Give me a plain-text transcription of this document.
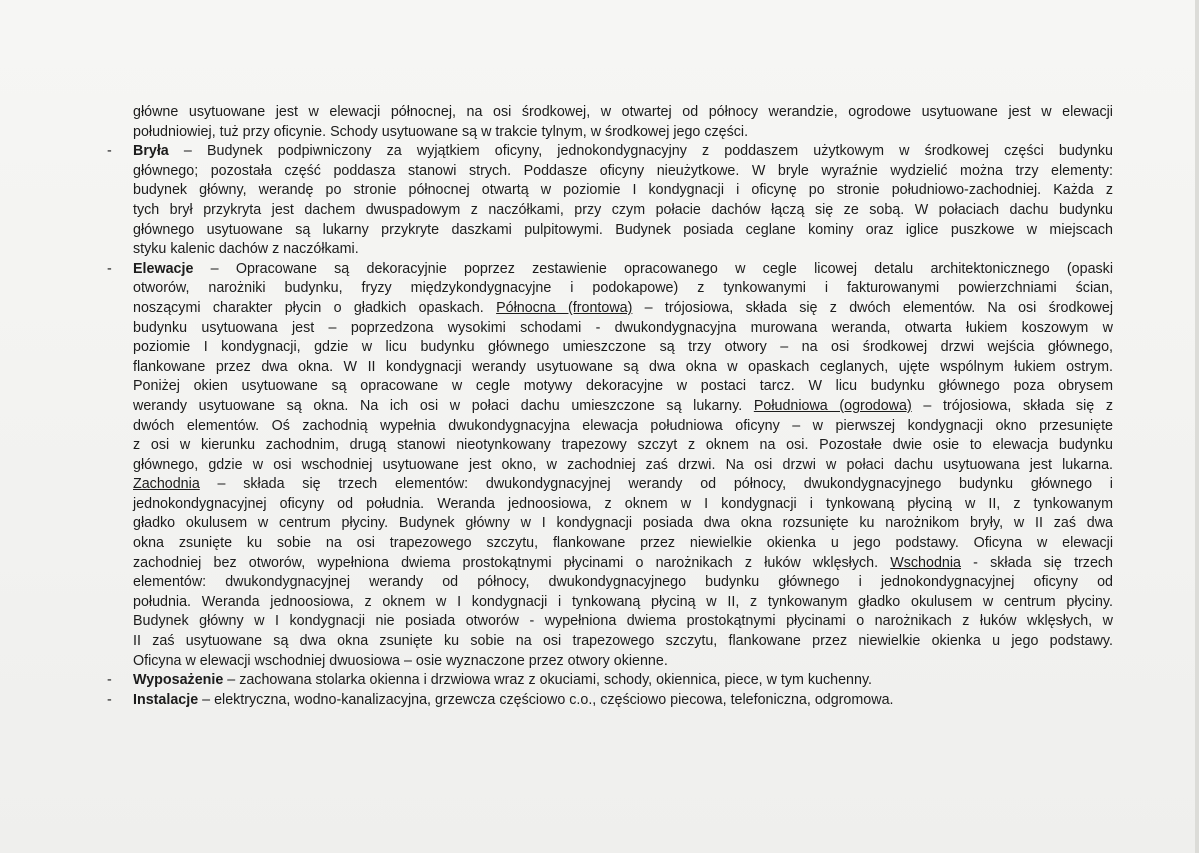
główne usytuowane jest w elewacji północnej, na osi środkowej, w otwartej od północy werandzie, ogrodowe usytuowane jest w elewacji
południowiej, tuż przy oficynie. Schody usytuowane są w trakcie tylnym, w środkowej jego części.
-	Bryła – Budynek podpiwniczony za wyjątkiem oficyny, jednokondygnacyjny z poddaszem użytkowym w środkowej części budynku
głównego; pozostała część poddasza stanowi strych. Poddasze oficyny nieużytkowe. W bryle wyraźnie wydzielić można trzy elementy:
budynek główny, werandę po stronie północnej otwartą w poziomie I kondygnacji i oficynę po stronie południowo-zachodniej. Każda z
tych brył przykryta jest dachem dwuspadowym z naczółkami, przy czym połacie dachów łączą się ze sobą. W połaciach dachu budynku
głównego usytuowane są lukarny przykryte daszkami pulpitowymi. Budynek posiada ceglane kominy oraz iglice puszkowe w miejscach
styku kalenic dachów z naczółkami.
-	Elewacje – Opracowane są dekoracyjnie poprzez zestawienie opracowanego w cegle licowej detalu architektonicznego (opaski
otworów, narożniki budynku, fryzy międzykondygnacyjne i podokapowe) z tynkowanymi i fakturowanymi powierzchniami ścian,
noszącymi charakter płycin o gładkich opaskach. Północna (frontowa) – trójosiowa, składa się z dwóch elementów. Na osi środkowej
budynku usytuowana jest – poprzedzona wysokimi schodami - dwukondygnacyjna murowana weranda, otwarta łukiem koszowym w
poziomie I kondygnacji, gdzie w licu budynku głównego umieszczone są trzy otwory – na osi środkowej drzwi wejścia głównego,
flankowane przez dwa okna. W II kondygnacji werandy usytuowane są dwa okna w opaskach ceglanych, ujęte wspólnym łukiem ostrym.
Poniżej okien usytuowane są opracowane w cegle motywy dekoracyjne w postaci tarcz. W licu budynku głównego poza obrysem
werandy usytuowane są okna. Na ich osi w połaci dachu umieszczone są lukarny. Południowa (ogrodowa) – trójosiowa, składa się z
dwóch elementów. Oś zachodnią wypełnia dwukondygnacyjna elewacja południowa oficyny – w pierwszej kondygnacji okno przesunięte
z osi w kierunku zachodnim, drugą stanowi nieotynkowany trapezowy szczyt z oknem na osi. Pozostałe dwie osie to elewacja budynku
głównego, gdzie w osi wschodniej usytuowane jest okno, w zachodniej zaś drzwi. Na osi drzwi w połaci dachu usytuowana jest lukarna.
Zachodnia – składa się trzech elementów: dwukondygnacyjnej werandy od północy, dwukondygnacyjnego budynku głównego i
jednokondygnacyjnej oficyny od południa. Weranda jednoosiowa, z oknem w I kondygnacji i tynkowaną płyciną w II, z tynkowanym
gładko okulusem w centrum płyciny. Budynek główny w I kondygnacji posiada dwa okna rozsunięte ku narożnikom bryły, w II zaś dwa
okna zsunięte ku sobie na osi trapezowego szczytu, flankowane przez niewielkie okienka u jego podstawy. Oficyna w elewacji
zachodniej bez otworów, wypełniona dwiema prostokątnymi płycinami o narożnikach z łuków wklęsłych. Wschodnia - składa się trzech
elementów: dwukondygnacyjnej werandy od północy, dwukondygnacyjnego budynku głównego i jednokondygnacyjnej oficyny od
południa. Weranda jednoosiowa, z oknem w I kondygnacji i tynkowaną płyciną w II, z tynkowanym gładko okulusem w centrum płyciny.
Budynek główny w I kondygnacji nie posiada otworów - wypełniona dwiema prostokątnymi płycinami o narożnikach z łuków wklęsłych, w
II zaś usytuowane są dwa okna zsunięte ku sobie na osi trapezowego szczytu, flankowane przez niewielkie okienka u jego podstawy.
Oficyna w elewacji wschodniej dwuosiowa – osie wyznaczone przez otwory okienne.
-	Wyposażenie – zachowana stolarka okienna i drzwiowa wraz z okuciami, schody, okiennica, piece, w tym kuchenny.
-	Instalacje – elektryczna, wodno-kanalizacyjna, grzewcza częściowo c.o., częściowo piecowa, telefoniczna, odgromowa.
